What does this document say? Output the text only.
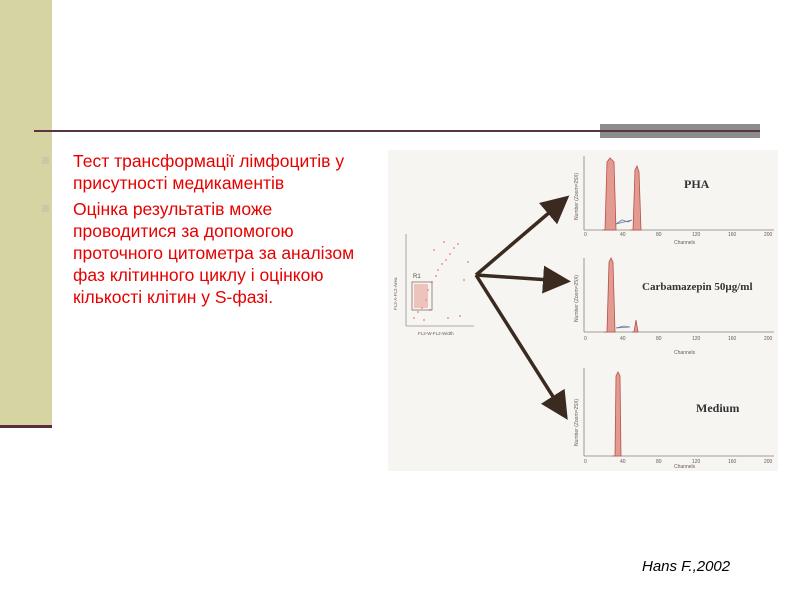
Тест трансформації лімфоцитів у присутності медикаментів
Оцінка результатів може проводитися за допомогою проточного цитометра за аналізом фаз клітинного циклу і оцінкою кількості клітин у S-фазі.
R1
FL2-A-FL2-Area
FL2-W-FL2-Width
PHA
Number (Zoom=25X)
Channels
0	40	80	120	160	200
Carbamazepin 50µg/ml
Number (Zoom=25X)
Channels
0	40	80	120	160	200
Medium
Number (Zoom=25X)
Channels
0	40	80	120	160	200
Hans F.,2002
